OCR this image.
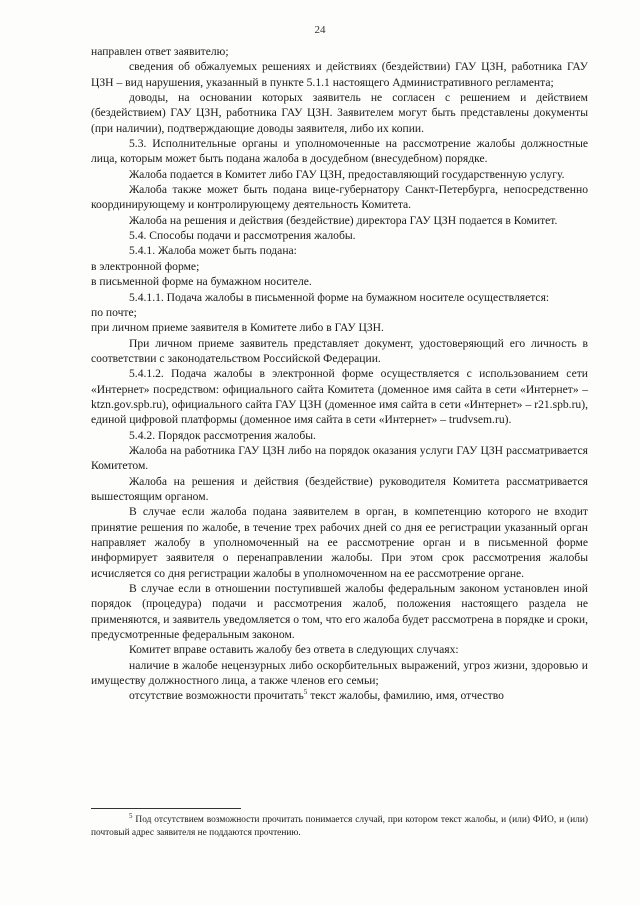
24

направлен ответ заявителю;

сведения об обжалуемых решениях и действиях (бездействии) ГАУ ЦЗН, работника ГАУ ЦЗН – вид нарушения, указанный в пункте 5.1.1 настоящего Административного регламента;

доводы, на основании которых заявитель не согласен с решением и действием (бездействием) ГАУ ЦЗН, работника ГАУ ЦЗН. Заявителем могут быть представлены документы (при наличии), подтверждающие доводы заявителя, либо их копии.

5.3. Исполнительные органы и уполномоченные на рассмотрение жалобы должностные лица, которым может быть подана жалоба в досудебном (внесудебном) порядке.

Жалоба подается в Комитет либо ГАУ ЦЗН, предоставляющий государственную услугу.

Жалоба также может быть подана вице-губернатору Санкт-Петербурга, непосредственно координирующему и контролирующему деятельность Комитета.

Жалоба на решения и действия (бездействие) директора ГАУ ЦЗН подается в Комитет.

5.4. Способы подачи и рассмотрения жалобы.

5.4.1. Жалоба может быть подана:

в электронной форме;

в письменной форме на бумажном носителе.

5.4.1.1. Подача жалобы в письменной форме на бумажном носителе осуществляется:

по почте;

при личном приеме заявителя в Комитете либо в ГАУ ЦЗН.

При личном приеме заявитель представляет документ, удостоверяющий его личность в соответствии с законодательством Российской Федерации.

5.4.1.2. Подача жалобы в электронной форме осуществляется с использованием сети «Интернет» посредством: официального сайта Комитета (доменное имя сайта в сети «Интернет» – ktzn.gov.spb.ru), официального сайта ГАУ ЦЗН (доменное имя сайта в сети «Интернет» – r21.spb.ru), единой цифровой платформы (доменное имя сайта в сети «Интернет» – trudvsem.ru).

5.4.2. Порядок рассмотрения жалобы.

Жалоба на работника ГАУ ЦЗН либо на порядок оказания услуги ГАУ ЦЗН рассматривается Комитетом.

Жалоба на решения и действия (бездействие) руководителя Комитета рассматривается вышестоящим органом.

В случае если жалоба подана заявителем в орган, в компетенцию которого не входит принятие решения по жалобе, в течение трех рабочих дней со дня ее регистрации указанный орган направляет жалобу в уполномоченный на ее рассмотрение орган и в письменной форме информирует заявителя о перенаправлении жалобы. При этом срок рассмотрения жалобы исчисляется со дня регистрации жалобы в уполномоченном на ее рассмотрение органе.

В случае если в отношении поступившей жалобы федеральным законом установлен иной порядок (процедура) подачи и рассмотрения жалоб, положения настоящего раздела не применяются, и заявитель уведомляется о том, что его жалоба будет рассмотрена в порядке и сроки, предусмотренные федеральным законом.

Комитет вправе оставить жалобу без ответа в следующих случаях:

наличие в жалобе нецензурных либо оскорбительных выражений, угроз жизни, здоровью и имуществу должностного лица, а также членов его семьи;

отсутствие возможности прочитать$^5$ текст жалобы, фамилию, имя, отчество

$^5$ Под отсутствием возможности прочитать понимается случай, при котором текст жалобы, и (или) ФИО, и (или) почтовый адрес заявителя не поддаются прочтению.
